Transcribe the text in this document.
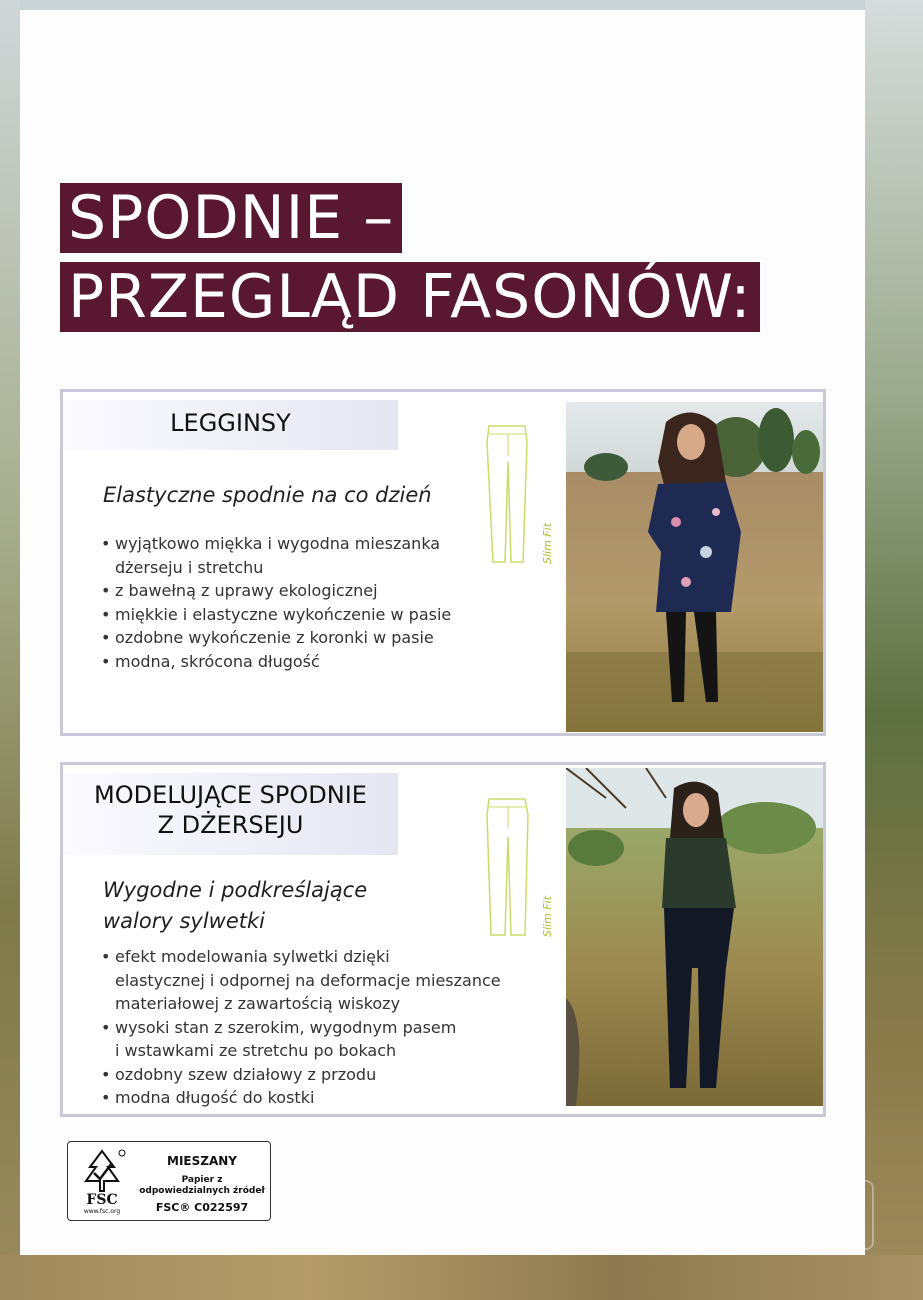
SPODNIE –
PRZEGLĄD FASONÓW:
LEGGINSY
Slim Fit
Elastyczne spodnie na co dzień
• wyjątkowo miękka i wygodna mieszanka
dżerseju i stretchu
• z bawełną z uprawy ekologicznej
• miękkie i elastyczne wykończenie w pasie
• ozdobne wykończenie z koronki w pasie
• modna, skrócona długość
MODELUJĄCE SPODNIE
Z DŻERSEJU
Slim Fit
Wygodne i podkreślające
walory sylwetki
• efekt modelowania sylwetki dzięki
elastycznej i odpornej na deformacje mieszance
materiałowej z zawartością wiskozy
• wysoki stan z szerokim, wygodnym pasem
i wstawkami ze stretchu po bokach
• ozdobny szew działowy z przodu
• modna długość do kostki
FSC
www.fsc.org
MIESZANY
Papier z
odpowiedzialnych źródeł
FSC® C022597	%	TROPI
OKAZ
